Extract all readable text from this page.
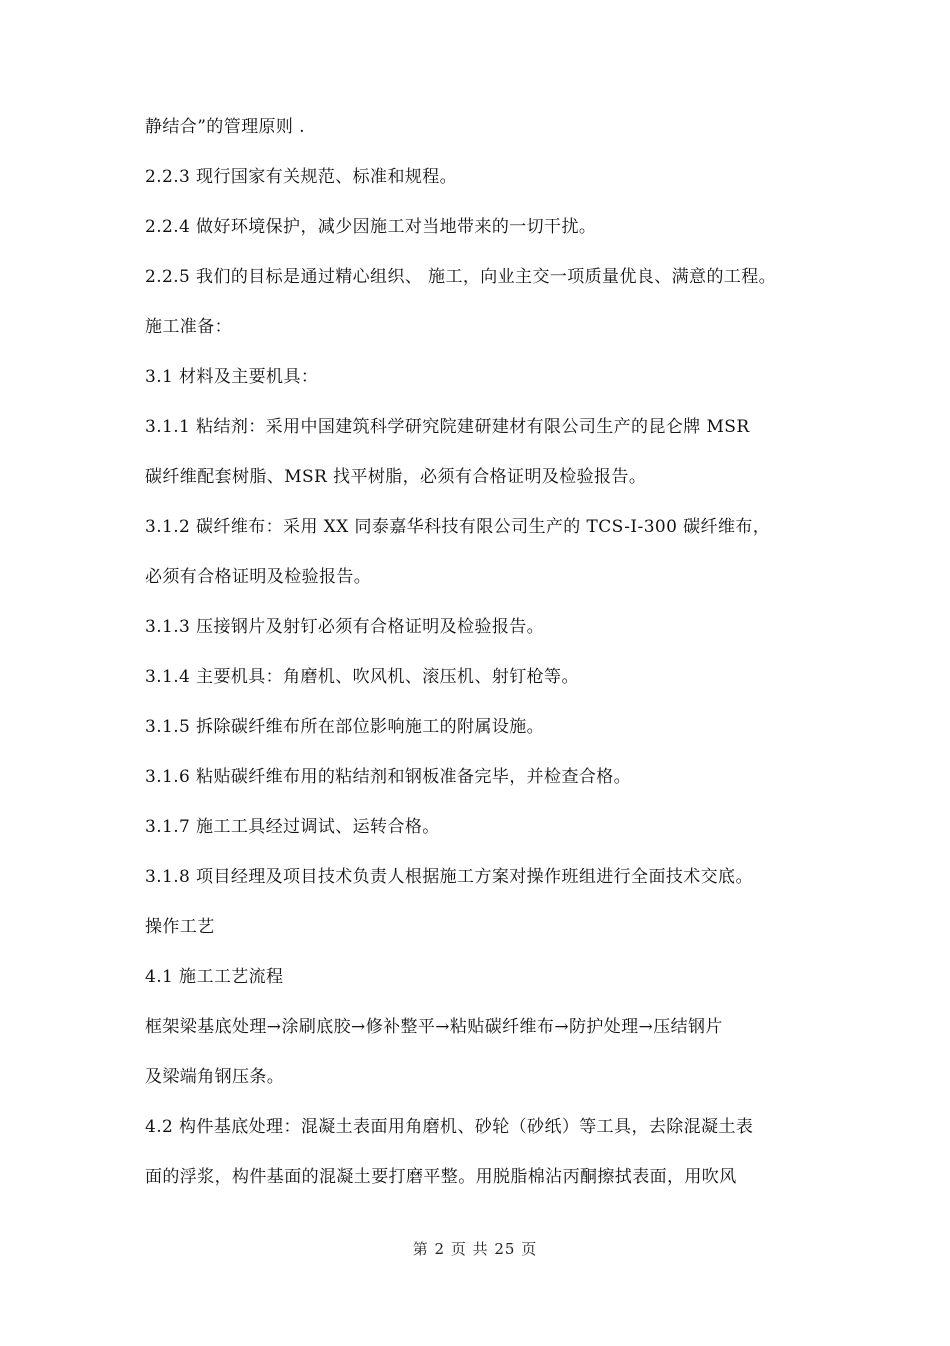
静结合”的管理原则 .
2.2.3 现行国家有关规范、标准和规程。
2.2.4 做好环境保护，减少因施工对当地带来的一切干扰。
2.2.5 我们的目标是通过精心组织、 施工，向业主交一项质量优良、满意的工程。
施工准备：
3.1 材料及主要机具：
3.1.1 粘结剂：采用中国建筑科学研究院建研建材有限公司生产的昆仑牌 MSR
碳纤维配套树脂、MSR 找平树脂，必须有合格证明及检验报告。
3.1.2 碳纤维布：采用 XX 同泰嘉华科技有限公司生产的 TCS-Ⅰ-300 碳纤维布，
必须有合格证明及检验报告。
3.1.3 压接钢片及射钉必须有合格证明及检验报告。
3.1.4 主要机具：角磨机、吹风机、滚压机、射钉枪等。
3.1.5 拆除碳纤维布所在部位影响施工的附属设施。
3.1.6 粘贴碳纤维布用的粘结剂和钢板准备完毕，并检查合格。
3.1.7 施工工具经过调试、运转合格。
3.1.8 项目经理及项目技术负责人根据施工方案对操作班组进行全面技术交底。
操作工艺
4.1 施工工艺流程
框架梁基底处理→涂刷底胶→修补整平→粘贴碳纤维布→防护处理→压结钢片
及梁端角钢压条。
4.2 构件基底处理：混凝土表面用角磨机、砂轮（砂纸）等工具，去除混凝土表
面的浮浆，构件基面的混凝土要打磨平整。用脱脂棉沾丙酮擦拭表面，用吹风
第 2 页 共 25 页
